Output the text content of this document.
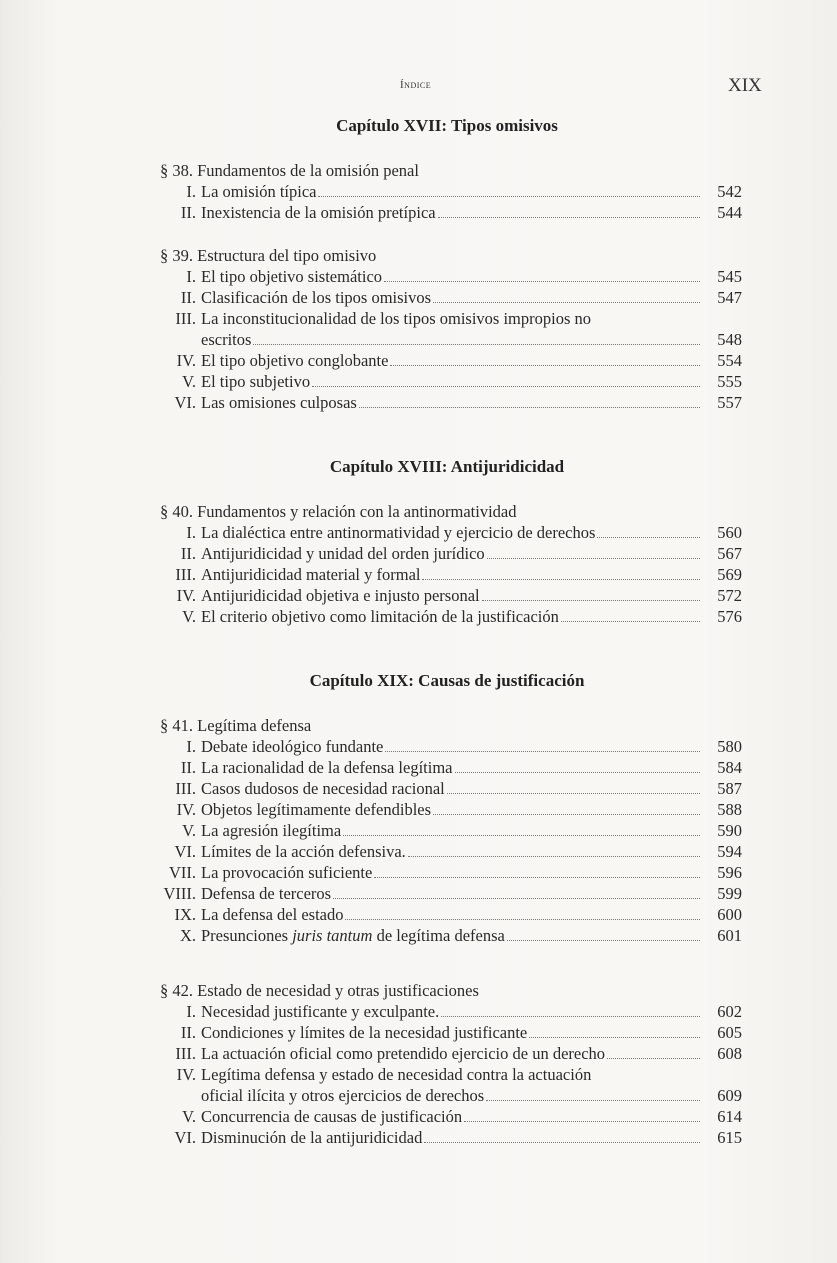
Índice	XIX
Capítulo XVII: Tipos omisivos
§ 38. Fundamentos de la omisión penal
I. La omisión típica	542
II. Inexistencia de la omisión pretípica	544
§ 39. Estructura del tipo omisivo
I. El tipo objetivo sistemático	545
II. Clasificación de los tipos omisivos	547
III. La inconstitucionalidad de los tipos omisivos impropios no
escritos	548
IV. El tipo objetivo conglobante	554
V. El tipo subjetivo	555
VI. Las omisiones culposas	557
Capítulo XVIII: Antijuridicidad
§ 40. Fundamentos y relación con la antinormatividad
I. La dialéctica entre antinormatividad y ejercicio de derechos	560
II. Antijuridicidad y unidad del orden jurídico	567
III. Antijuridicidad material y formal	569
IV. Antijuridicidad objetiva e injusto personal	572
V. El criterio objetivo como limitación de la justificación	576
Capítulo XIX: Causas de justificación
§ 41. Legítima defensa
I. Debate ideológico fundante	580
II. La racionalidad de la defensa legítima	584
III. Casos dudosos de necesidad racional	587
IV. Objetos legítimamente defendibles	588
V. La agresión ilegítima	590
VI. Límites de la acción defensiva.	594
VII. La provocación suficiente	596
VIII. Defensa de terceros	599
IX. La defensa del estado	600
X. Presunciones juris tantum de legítima defensa	601
§ 42. Estado de necesidad y otras justificaciones
I. Necesidad justificante y exculpante.	602
II. Condiciones y límites de la necesidad justificante	605
III. La actuación oficial como pretendido ejercicio de un derecho	608
IV. Legítima defensa y estado de necesidad contra la actuación
oficial ilícita y otros ejercicios de derechos	609
V. Concurrencia de causas de justificación	614
VI. Disminución de la antijuridicidad	615
